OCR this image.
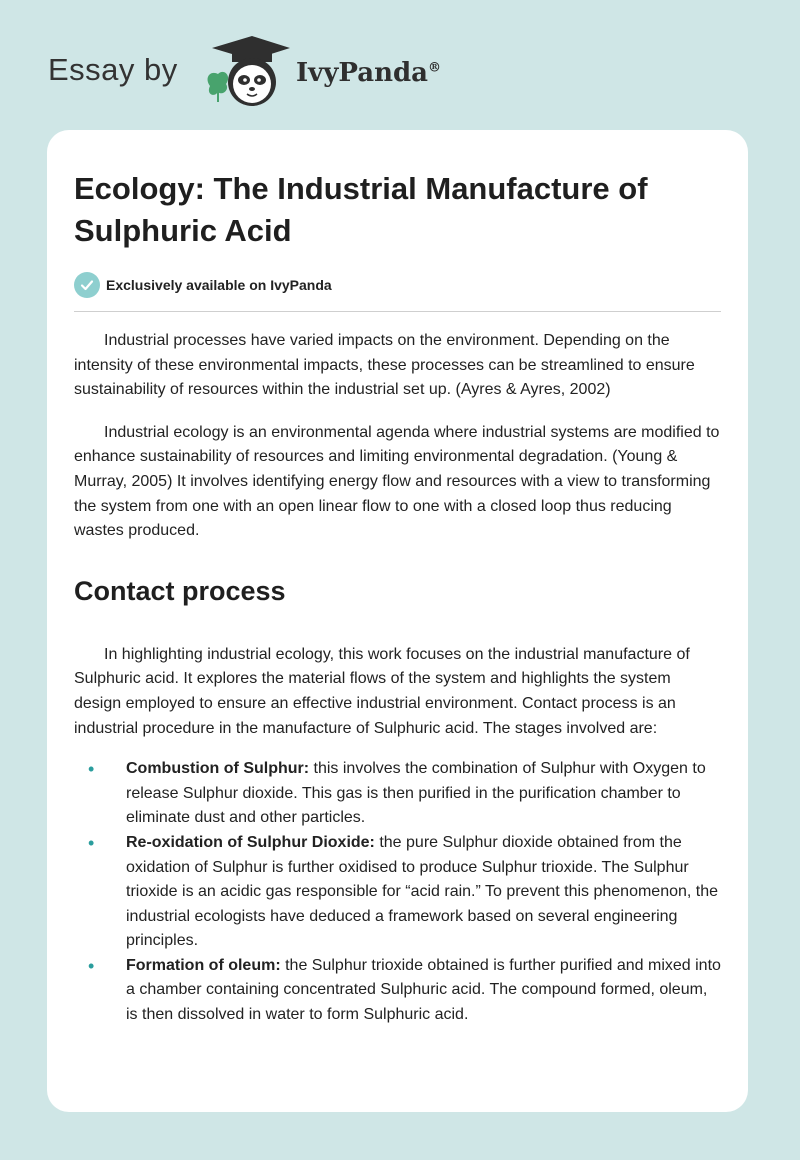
Essay by	IvyPanda®
Ecology: The Industrial Manufacture of Sulphuric Acid
Exclusively available on IvyPanda

Industrial processes have varied impacts on the environment. Depending on the intensity of these environmental impacts, these processes can be streamlined to ensure sustainability of resources within the industrial set up. (Ayres & Ayres, 2002)

Industrial ecology is an environmental agenda where industrial systems are modified to enhance sustainability of resources and limiting environmental degradation. (Young & Murray, 2005) It involves identifying energy flow and resources with a view to transforming the system from one with an open linear flow to one with a closed loop thus reducing wastes produced.

Contact process

In highlighting industrial ecology, this work focuses on the industrial manufacture of Sulphuric acid. It explores the material flows of the system and highlights the system design employed to ensure an effective industrial environment. Contact process is an industrial procedure in the manufacture of Sulphuric acid. The stages involved are:

• Combustion of Sulphur: this involves the combination of Sulphur with Oxygen to release Sulphur dioxide. This gas is then purified in the purification chamber to eliminate dust and other particles.
• Re-oxidation of Sulphur Dioxide: the pure Sulphur dioxide obtained from the oxidation of Sulphur is further oxidised to produce Sulphur trioxide. The Sulphur trioxide is an acidic gas responsible for “acid rain.” To prevent this phenomenon, the industrial ecologists have deduced a framework based on several engineering principles.
• Formation of oleum: the Sulphur trioxide obtained is further purified and mixed into a chamber containing concentrated Sulphuric acid. The compound formed, oleum, is then dissolved in water to form Sulphuric acid.
